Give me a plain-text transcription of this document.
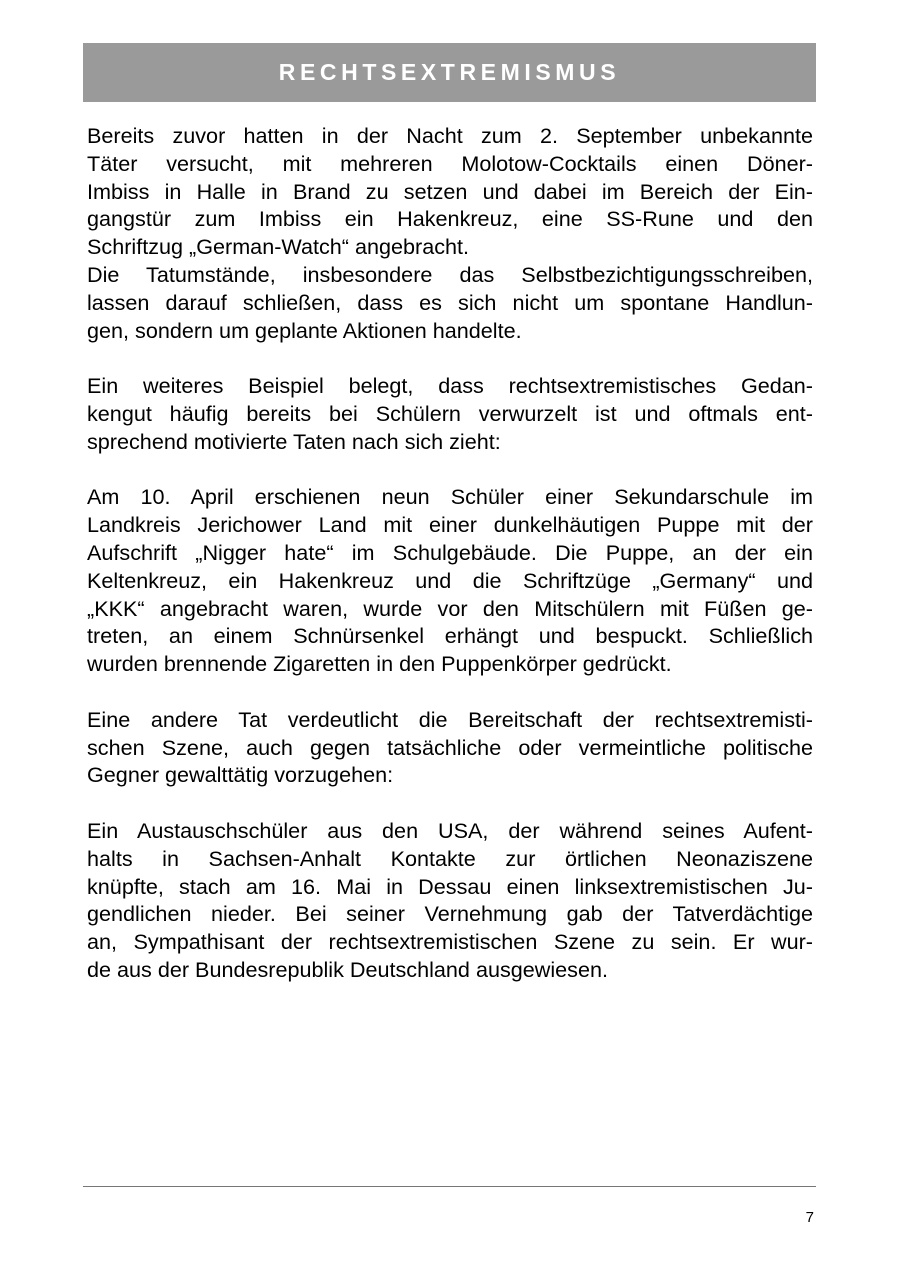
RECHTSEXTREMISMUS
Bereits zuvor hatten in der Nacht zum 2. September unbekannte
Täter versucht, mit mehreren Molotow-Cocktails einen Döner-
Imbiss in Halle in Brand zu setzen und dabei im Bereich der Ein-
gangstür zum Imbiss ein Hakenkreuz, eine SS-Rune und den
Schriftzug „German-Watch“ angebracht.
Die Tatumstände, insbesondere das Selbstbezichtigungsschreiben,
lassen darauf schließen, dass es sich nicht um spontane Handlun-
gen, sondern um geplante Aktionen handelte.
Ein weiteres Beispiel belegt, dass rechtsextremistisches Gedan-
kengut häufig bereits bei Schülern verwurzelt ist und oftmals ent-
sprechend motivierte Taten nach sich zieht:
Am 10. April erschienen neun Schüler einer Sekundarschule im
Landkreis Jerichower Land mit einer dunkelhäutigen Puppe mit der
Aufschrift „Nigger hate“ im Schulgebäude. Die Puppe, an der ein
Keltenkreuz, ein Hakenkreuz und die Schriftzüge „Germany“ und
„KKK“ angebracht waren, wurde vor den Mitschülern mit Füßen ge-
treten, an einem Schnürsenkel erhängt und bespuckt. Schließlich
wurden brennende Zigaretten in den Puppenkörper gedrückt.
Eine andere Tat verdeutlicht die Bereitschaft der rechtsextremisti-
schen Szene, auch gegen tatsächliche oder vermeintliche politische
Gegner gewalttätig vorzugehen:
Ein Austauschschüler aus den USA, der während seines Aufent-
halts in Sachsen-Anhalt Kontakte zur örtlichen Neonaziszene
knüpfte, stach am 16. Mai in Dessau einen linksextremistischen Ju-
gendlichen nieder. Bei seiner Vernehmung gab der Tatverdächtige
an, Sympathisant der rechtsextremistischen Szene zu sein. Er wur-
de aus der Bundesrepublik Deutschland ausgewiesen.
7
